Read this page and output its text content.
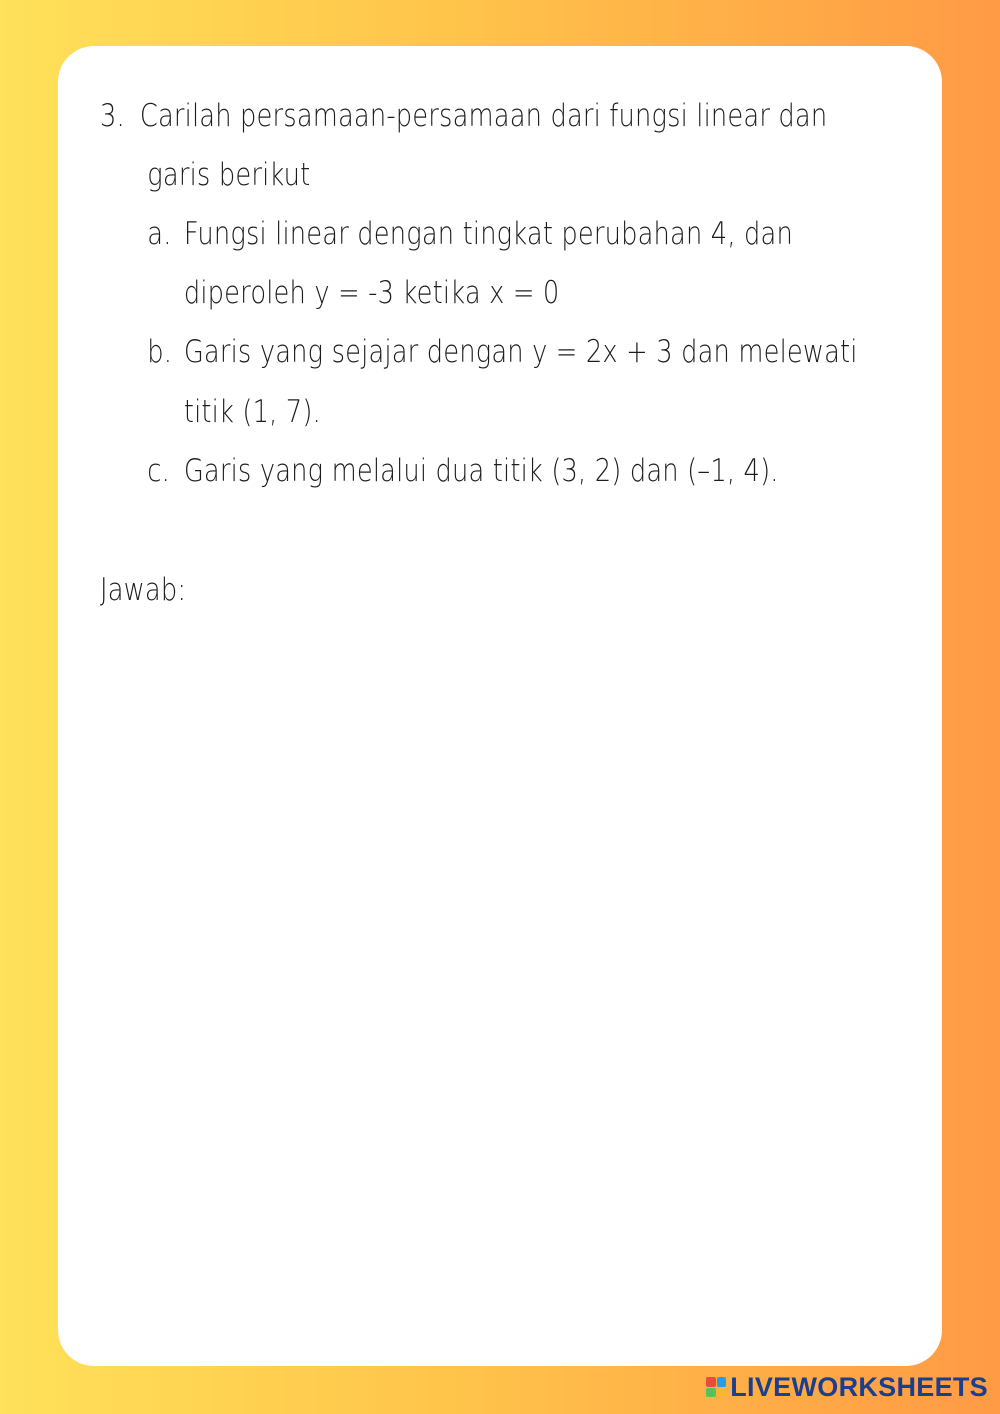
3. Carilah persamaan-persamaan dari fungsi linear dan
garis berikut
a. Fungsi linear dengan tingkat perubahan 4, dan
diperoleh y = -3 ketika x = 0
b. Garis yang sejajar dengan y = 2x + 3 dan melewati
titik (1, 7).
c. Garis yang melalui dua titik (3, 2) dan (–1, 4).
Jawab:
LIVEWORKSHEETS
